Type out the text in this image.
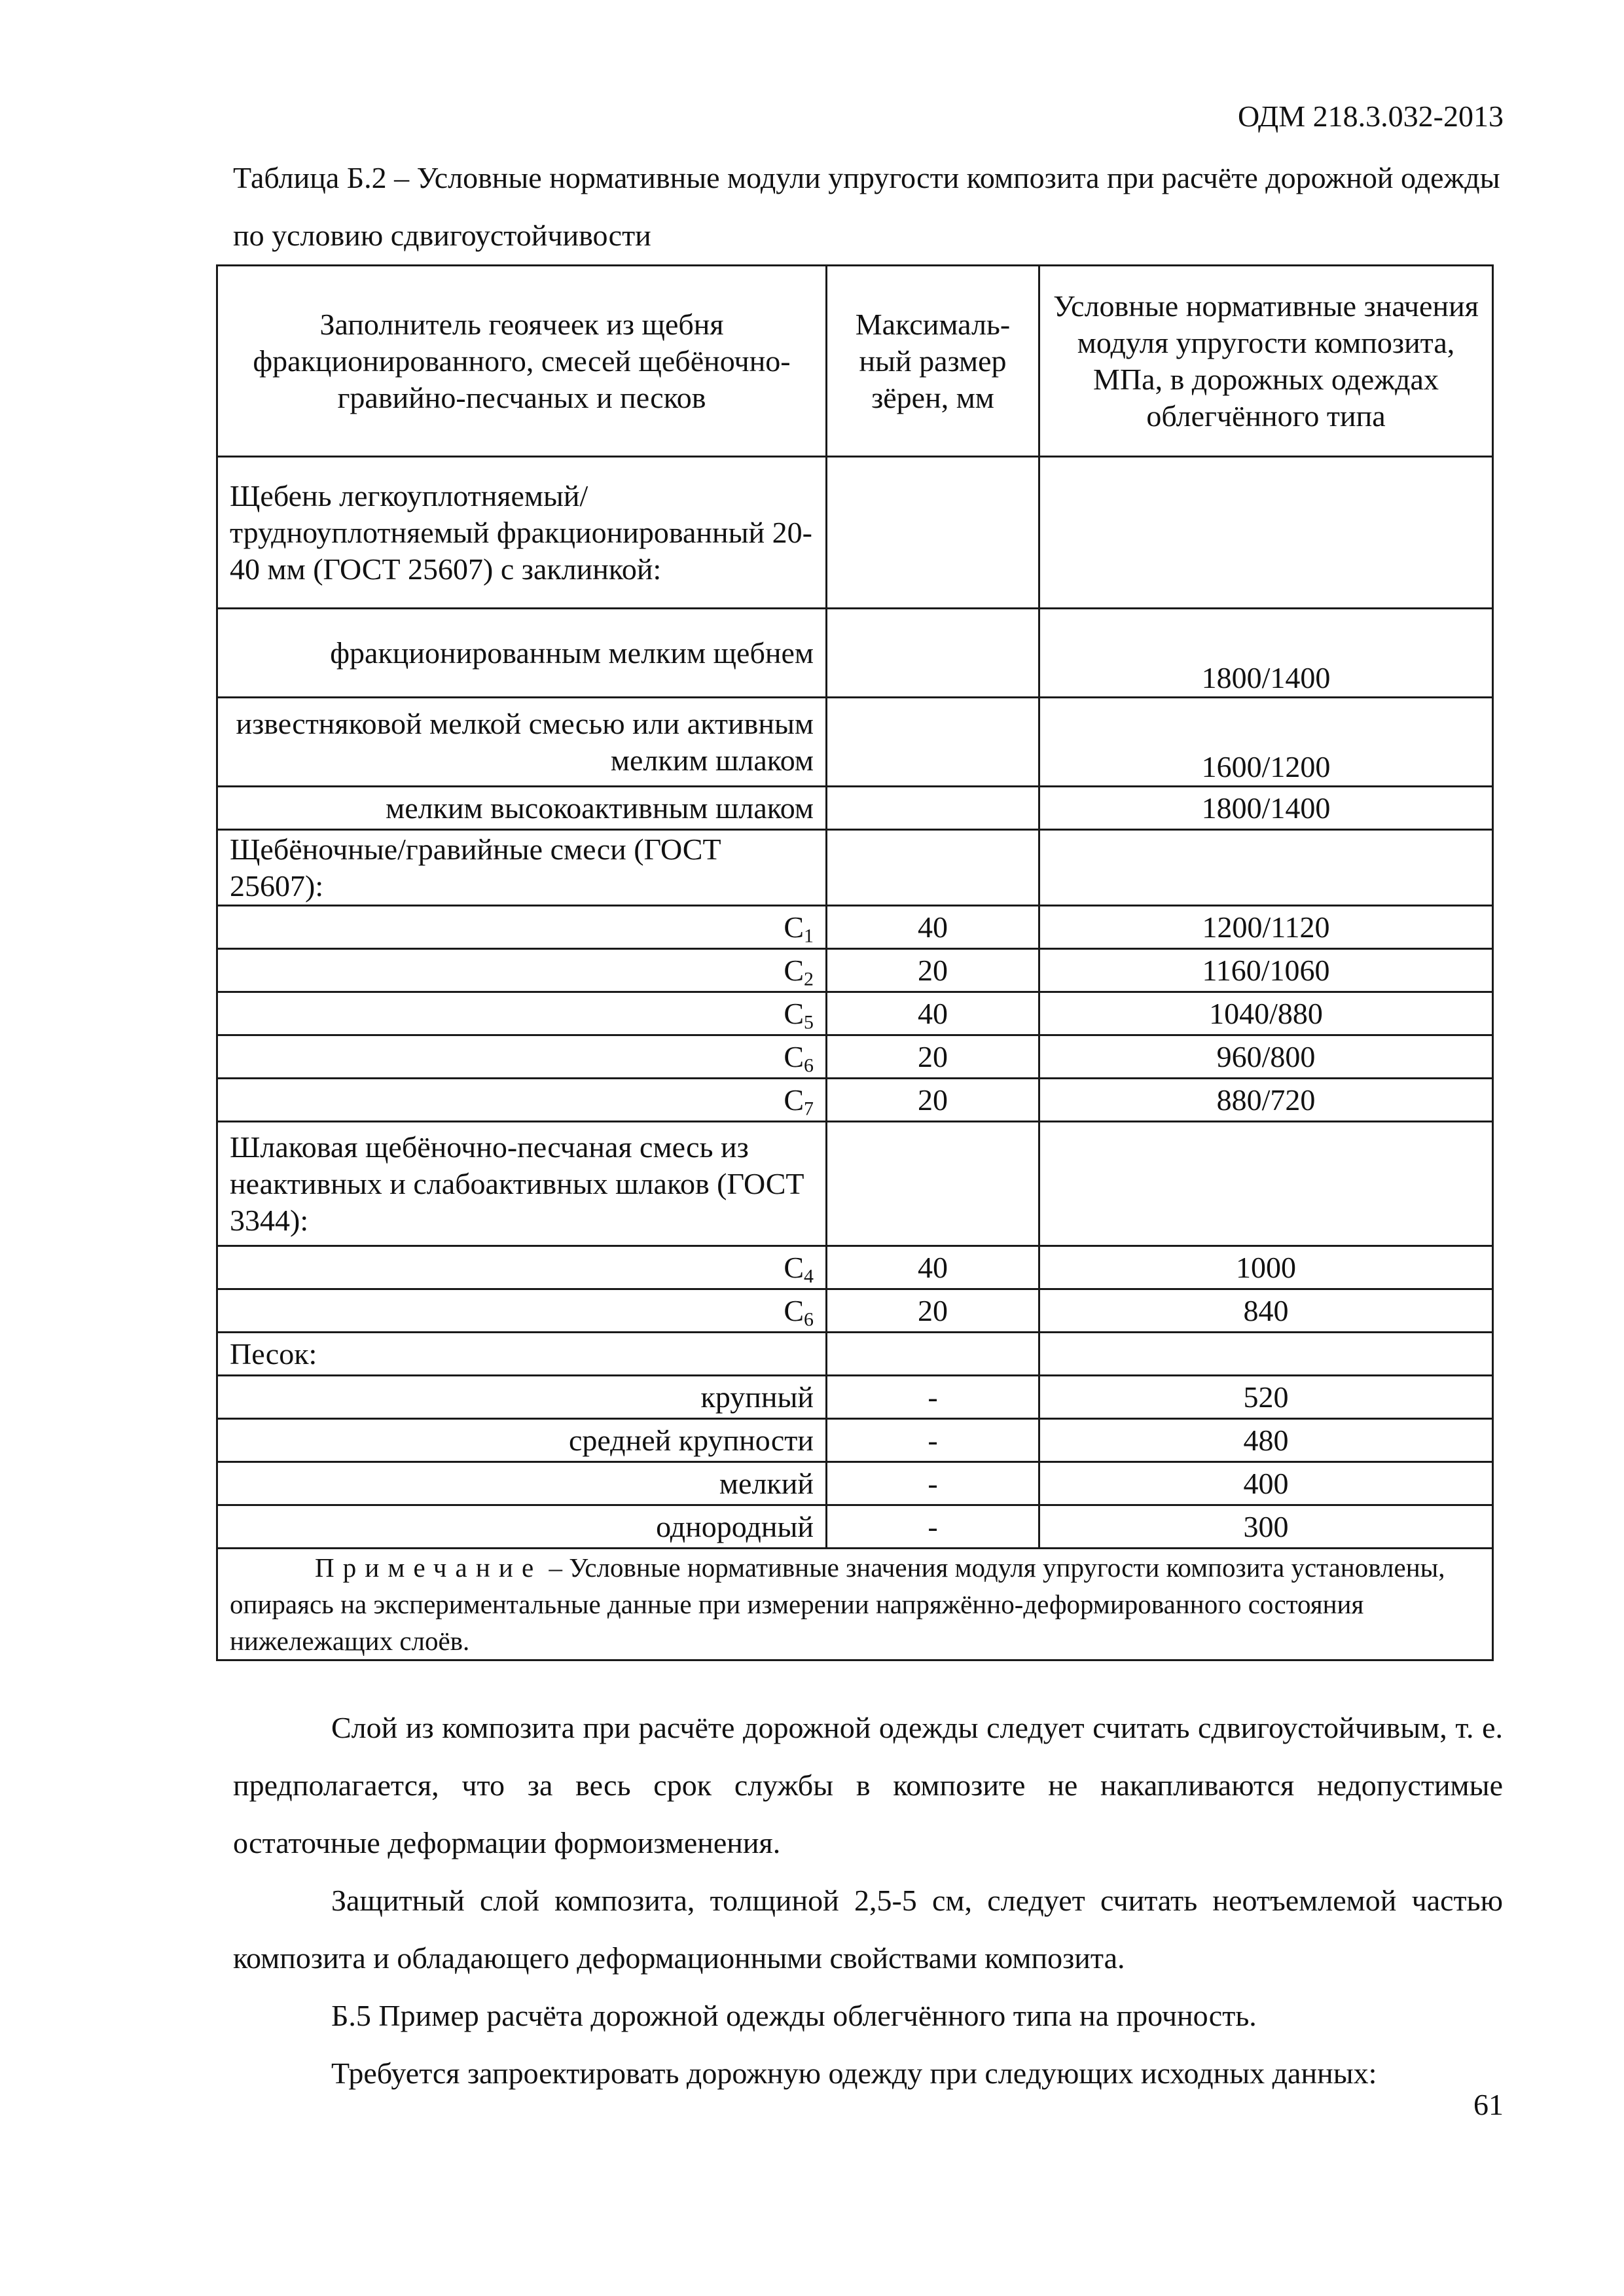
ОДМ 218.3.032-2013
Таблица Б.2 – Условные нормативные модули упругости композита при расчёте дорожной одежды по условию сдвигоустойчивости
Заполнитель геоячеек из щебня фракционированного, смесей щебёночно-гравийно-песчаных и песков	Максималь-ный размер зёрен, мм	Условные нормативные значения модуля упругости композита, МПа, в дорожных одеждах облегчённого типа
Щебень легкоуплотняемый/трудноуплотняемый фракционированный 20-40 мм (ГОСТ 25607) с заклинкой:		
фракционированным мелким щебнем		1800/1400
известняковой мелкой смесью или активным мелким шлаком		1600/1200
мелким высокоактивным шлаком		1800/1400
Щебёночные/гравийные смеси (ГОСТ 25607):		
$C_1$	40	1200/1120
$C_2$	20	1160/1060
$C_5$	40	1040/880
$C_6$	20	960/800
$C_7$	20	880/720
Шлаковая щебёночно-песчаная смесь из неактивных и слабоактивных шлаков (ГОСТ 3344):		
$C_4$	40	1000
$C_6$	20	840
Песок:		
крупный	-	520
средней крупности	-	480
мелкий	-	400
однородный	-	300
Примечание – Условные нормативные значения модуля упругости композита установлены, опираясь на экспериментальные данные при измерении напряжённо-деформированного состояния нижележащих слоёв.		

Слой из композита при расчёте дорожной одежды следует считать сдвигоустойчивым, т. е. предполагается, что за весь срок службы в композите не накапливаются недопустимые остаточные деформации формоизменения.

Защитный слой композита, толщиной 2,5-5 см, следует считать неотъемлемой частью композита и обладающего деформационными свойствами композита.

Б.5 Пример расчёта дорожной одежды облегчённого типа на прочность.

Требуется запроектировать дорожную одежду при следующих исходных данных:

61
